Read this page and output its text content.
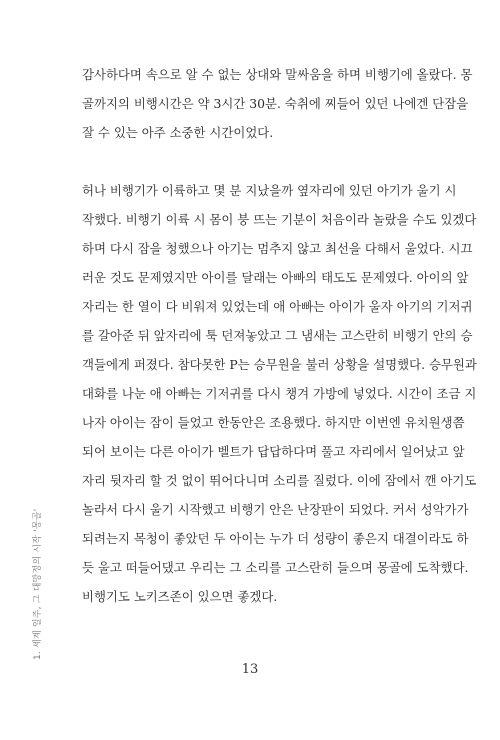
감사하다며 속으로 알 수 없는 상대와 말싸움을 하며 비행기에 올랐다. 몽
골까지의 비행시간은 약 3시간 30분. 숙취에 찌들어 있던 나에겐 단잠을
잘 수 있는 아주 소중한 시간이었다.
허나 비행기가 이륙하고 몇 분 지났을까 옆자리에 있던 아기가 울기 시
작했다. 비행기 이륙 시 몸이 붕 뜨는 기분이 처음이라 놀랐을 수도 있겠다
하며 다시 잠을 청했으나 아기는 멈추지 않고 최선을 다해서 울었다. 시끄
러운 것도 문제였지만 아이를 달래는 아빠의 태도도 문제였다. 아이의 앞
자리는 한 열이 다 비워져 있었는데 애 아빠는 아이가 울자 아기의 기저귀
를 갈아준 뒤 앞자리에 툭 던져놓았고 그 냄새는 고스란히 비행기 안의 승
객들에게 퍼졌다. 참다못한 P는 승무원을 불러 상황을 설명했다. 승무원과
대화를 나눈 애 아빠는 기저귀를 다시 챙겨 가방에 넣었다. 시간이 조금 지
나자 아이는 잠이 들었고 한동안은 조용했다. 하지만 이번엔 유치원생쯤
되어 보이는 다른 아이가 벨트가 답답하다며 풀고 자리에서 일어났고 앞
자리 뒷자리 할 것 없이 뛰어다니며 소리를 질렀다. 이에 잠에서 깬 아기도
놀라서 다시 울기 시작했고 비행기 안은 난장판이 되었다. 커서 성악가가
되려는지 목청이 좋았던 두 아이는 누가 더 성량이 좋은지 대결이라도 하
듯 울고 떠들어댔고 우리는 그 소리를 고스란히 들으며 몽골에 도착했다.
비행기도 노키즈존이 있으면 좋겠다.
1. 세계 일주, 그 대망정의 시작 '몽골'
13
